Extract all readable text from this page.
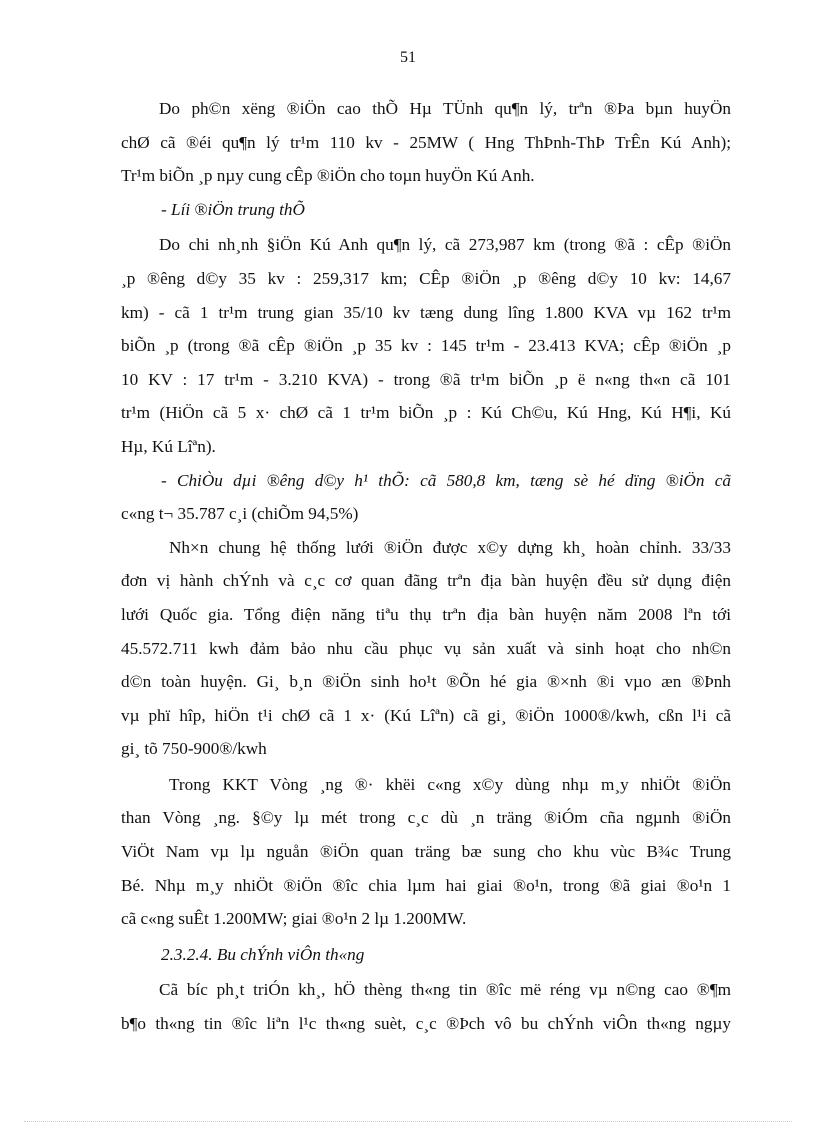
51

Do ph©n xëng ®iÖn cao thÕ Hµ TÜnh qu¶n lý, trªn ®Þa bµn huyÖn
chØ cã ®éi qu¶n lý tr¹m 110 kv - 25MW ( Hng ThÞnh-ThÞ TrÊn Kú Anh);
Tr¹m biÕn ¸p nµy cung cÊp ®iÖn cho toµn huyÖn Kú Anh.

- Líi ®iÖn trung thÕ

Do chi nh¸nh §iÖn Kú Anh qu¶n lý, cã 273,987 km (trong ®ã : cÊp ®iÖn
¸p ®êng d©y 35 kv : 259,317 km; CÊp ®iÖn ¸p ®êng d©y 10 kv: 14,67
km) - cã 1 tr¹m trung gian 35/10 kv tæng dung lîng 1.800 KVA vµ 162 tr¹m
biÕn ¸p (trong ®ã cÊp ®iÖn ¸p 35 kv : 145 tr¹m - 23.413 KVA; cÊp ®iÖn ¸p
10 KV : 17 tr¹m - 3.210 KVA) - trong ®ã tr¹m biÕn ¸p ë n«ng th«n cã 101
tr¹m (HiÖn cã 5 x· chØ cã 1 tr¹m biÕn ¸p : Kú Ch©u, Kú Hng, Kú H¶i, Kú
Hµ, Kú Lîªn).

- ChiÒu dµi ®êng d©y h¹ thÕ: cã 580,8 km, tæng sè hé dïng ®iÖn cã
c«ng t¬ 35.787 c¸i (chiÕm 94,5%)

Nh×n chung hệ thống lưới ®iÖn được x©y dựng kh¸ hoàn chỉnh. 33/33
đơn vị hành chÝnh và c¸c cơ quan đãng trªn địa bàn huyện đều sử dụng điện
lưới Quốc gia. Tổng điện năng tiªu thụ trªn địa bàn huyện năm 2008 lªn tới
45.572.711 kwh đảm bảo nhu cầu phục vụ sản xuất và sinh hoạt cho nh©n
d©n toàn huyện. Gi¸ b¸n ®iÖn sinh ho¹t ®Õn hé gia ®×nh ®i vµo æn ®Þnh
vµ phï hîp, hiÖn t¹i chØ cã 1 x· (Kú Lîªn) cã gi¸ ®iÖn 1000®/kwh, cßn l¹i cã
gi¸ tõ 750-900®/kwh

Trong KKT Vòng ¸ng ®· khëi c«ng x©y dùng nhµ m¸y nhiÖt ®iÖn
than Vòng ¸ng. §©y lµ mét trong c¸c dù ¸n träng ®iÓm cña ngµnh ®iÖn
ViÖt Nam vµ lµ nguån ®iÖn quan träng bæ sung cho khu vùc B¾c Trung
Bé. Nhµ m¸y nhiÖt ®iÖn ®îc chia lµm hai giai ®o¹n, trong ®ã giai ®o¹n 1
cã c«ng suÊt 1.200MW; giai ®o¹n 2 lµ 1.200MW.

2.3.2.4. Bu chÝnh viÔn th«ng

Cã bíc ph¸t triÓn kh¸, hÖ thèng th«ng tin ®îc më réng vµ n©ng cao ®¶m
b¶o th«ng tin ®îc liªn l¹c th«ng suèt, c¸c ®Þch vô bu chÝnh viÔn th«ng ngµy
